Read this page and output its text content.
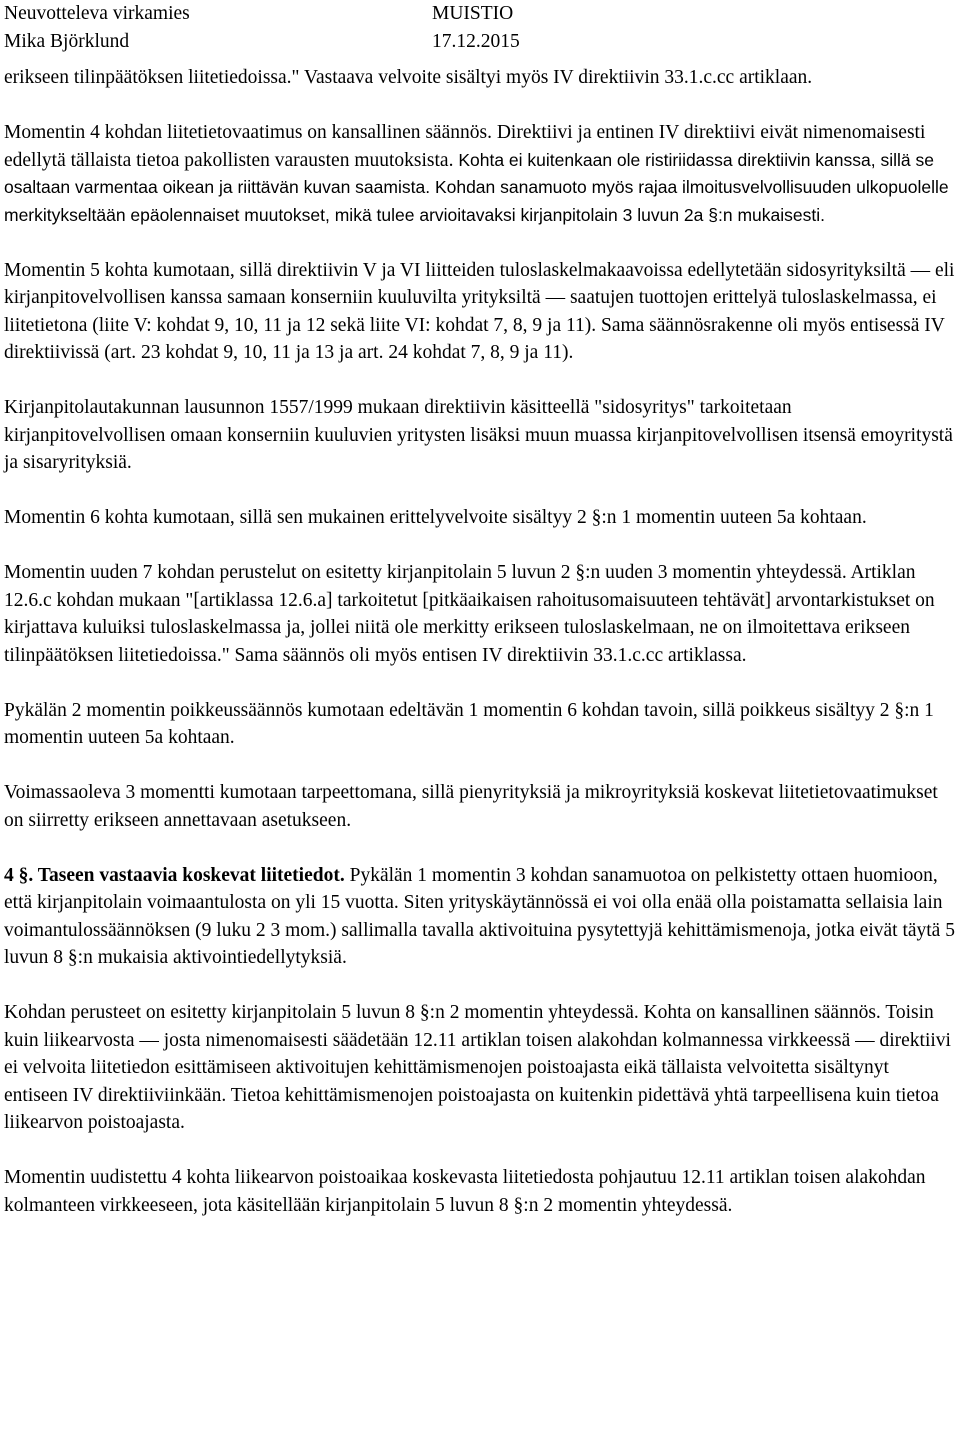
Neuvotteleva virkamies	MUISTIO
Mika Björklund	17.12.2015

erikseen tilinpäätöksen liitetiedoissa." Vastaava velvoite sisältyi myös IV direktiivin 33.1.c.cc artiklaan.

Momentin 4 kohdan liitetietovaatimus on kansallinen säännös. Direktiivi ja entinen IV direktiivi eivät nimenomaisesti edellytä tällaista tietoa pakollisten varausten muutoksista. Kohta ei kuitenkaan ole ristiriidassa direktiivin kanssa, sillä se osaltaan varmentaa oikean ja riittävän kuvan saamista. Kohdan sanamuoto myös rajaa ilmoitusvelvollisuuden ulkopuolelle merkitykseltään epäolennaiset muutokset, mikä tulee arvioitavaksi kirjanpitolain 3 luvun 2a §:n mukaisesti.

Momentin 5 kohta kumotaan, sillä direktiivin V ja VI liitteiden tuloslaskelmakaavoissa edellytetään sidosyrityksiltä — eli kirjanpitovelvollisen kanssa samaan konserniin kuuluvilta yrityksiltä — saatujen tuottojen erittelyä tuloslaskelmassa, ei liitetietona (liite V: kohdat 9, 10, 11 ja 12 sekä liite VI: kohdat 7, 8, 9 ja 11). Sama säännösrakenne oli myös entisessä IV direktiivissä (art. 23 kohdat 9, 10, 11 ja 13 ja art. 24 kohdat 7, 8, 9 ja 11).

Kirjanpitolautakunnan lausunnon 1557/1999 mukaan direktiivin käsitteellä "sidosyritys" tarkoitetaan kirjanpitovelvollisen omaan konserniin kuuluvien yritysten lisäksi muun muassa kirjanpitovelvollisen itsensä emoyritystä ja sisaryrityksiä.

Momentin 6 kohta kumotaan, sillä sen mukainen erittelyvelvoite sisältyy 2 §:n 1 momentin uuteen 5a kohtaan.

Momentin uuden 7 kohdan perustelut on esitetty kirjanpitolain 5 luvun 2 §:n uuden 3 momentin yhteydessä. Artiklan 12.6.c kohdan mukaan "[artiklassa 12.6.a] tarkoitetut [pitkäaikaisen rahoitusomaisuuteen tehtävät] arvontarkistukset on kirjattava kuluiksi tuloslaskelmassa ja, jollei niitä ole merkitty erikseen tuloslaskelmaan, ne on ilmoitettava erikseen tilinpäätöksen liitetiedoissa." Sama säännös oli myös entisen IV direktiivin 33.1.c.cc artiklassa.

Pykälän 2 momentin poikkeussäännös kumotaan edeltävän 1 momentin 6 kohdan tavoin, sillä poikkeus sisältyy 2 §:n 1 momentin uuteen 5a kohtaan.

Voimassaoleva 3 momentti kumotaan tarpeettomana, sillä pienyrityksiä ja mikroyrityksiä koskevat liitetietovaatimukset on siirretty erikseen annettavaan asetukseen.

4 §. Taseen vastaavia koskevat liitetiedot. Pykälän 1 momentin 3 kohdan sanamuotoa on pelkistetty ottaen huomioon, että kirjanpitolain voimaantulosta on yli 15 vuotta. Siten yrityskäytännössä ei voi olla enää olla poistamatta sellaisia lain voimantulossäännöksen (9 luku 2 3 mom.) sallimalla tavalla aktivoituina pysytettyjä kehittämismenoja, jotka eivät täytä 5 luvun 8 §:n mukaisia aktivointiedellytyksiä.

Kohdan perusteet on esitetty kirjanpitolain 5 luvun 8 §:n 2 momentin yhteydessä. Kohta on kansallinen säännös. Toisin kuin liikearvosta — josta nimenomaisesti säädetään 12.11 artiklan toisen alakohdan kolmannessa virkkeessä — direktiivi ei velvoita liitetiedon esittämiseen aktivoitujen kehittämismenojen poistoajasta eikä tällaista velvoitetta sisältynyt entiseen IV direktiiviinkään. Tietoa kehittämismenojen poistoajasta on kuitenkin pidettävä yhtä tarpeellisena kuin tietoa liikearvon poistoajasta.

Momentin uudistettu 4 kohta liikearvon poistoaikaa koskevasta liitetiedosta pohjautuu 12.11 artiklan toisen alakohdan kolmanteen virkkeeseen, jota käsitellään kirjanpitolain 5 luvun 8 §:n 2 momentin yhteydessä.
